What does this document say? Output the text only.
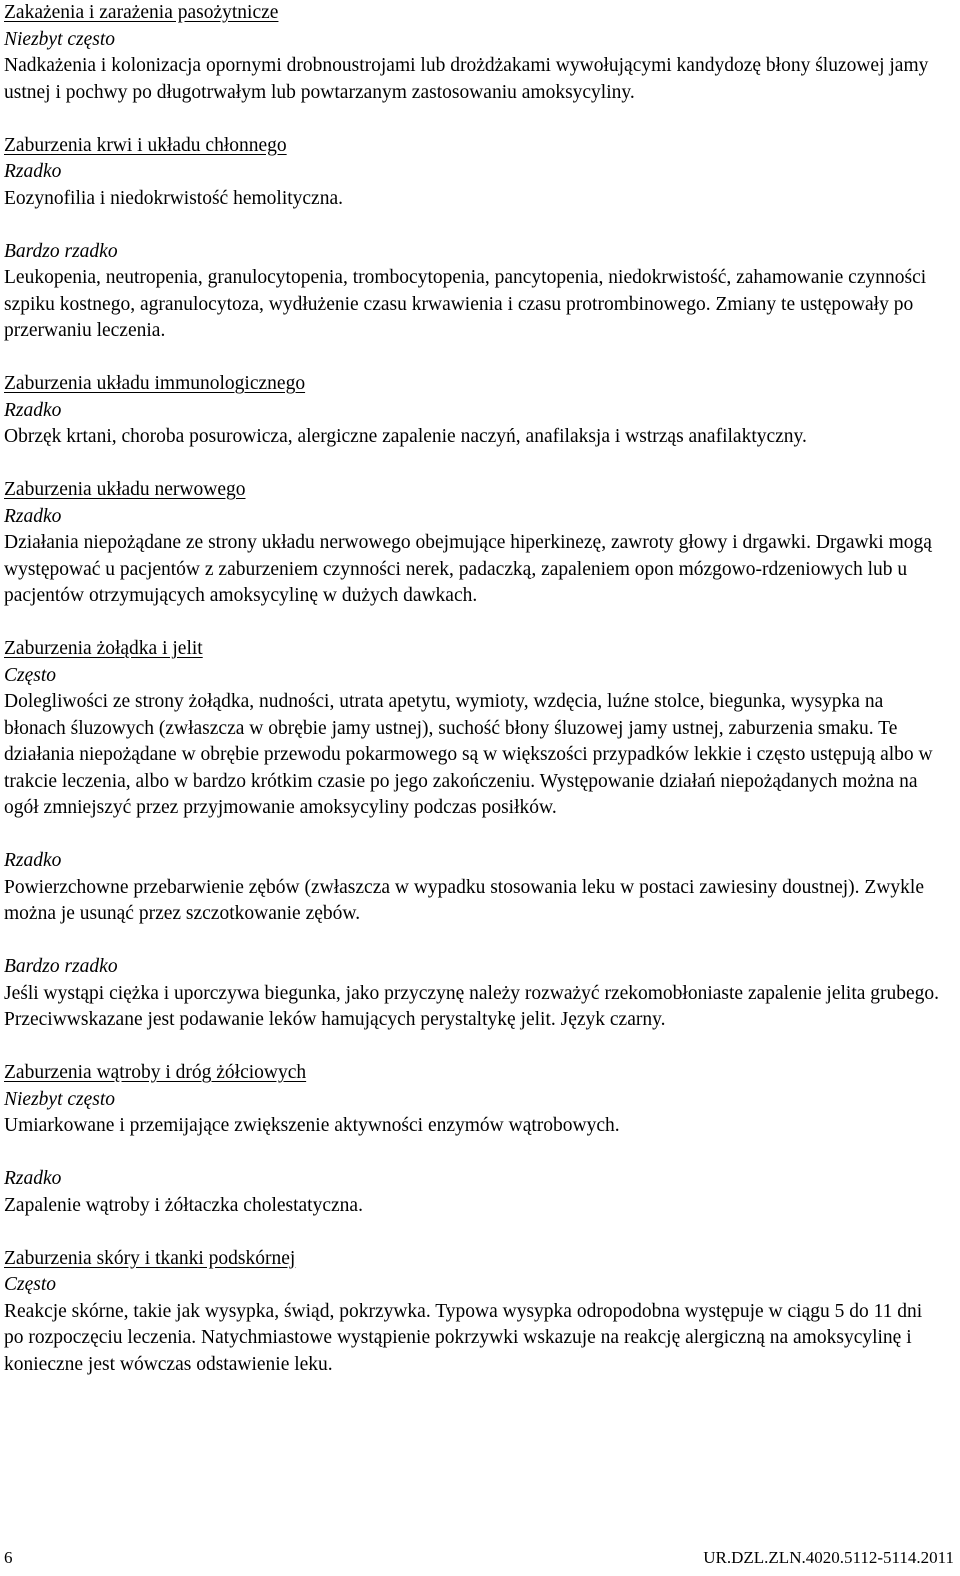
Zakażenia i zarażenia pasożytnicze
Niezbyt często
Nadkażenia i kolonizacja opornymi drobnoustrojami lub drożdżakami wywołującymi kandydozę błony śluzowej jamy ustnej i pochwy po długotrwałym lub powtarzanym zastosowaniu amoksycyliny.
Zaburzenia krwi i układu chłonnego
Rzadko
Eozynofilia i niedokrwistość hemolityczna.
Bardzo rzadko
Leukopenia, neutropenia, granulocytopenia, trombocytopenia, pancytopenia, niedokrwistość, zahamowanie czynności szpiku kostnego, agranulocytoza, wydłużenie czasu krwawienia i czasu protrombinowego. Zmiany te ustępowały po przerwaniu leczenia.
Zaburzenia układu immunologicznego
Rzadko
Obrzęk krtani, choroba posurowicza, alergiczne zapalenie naczyń, anafilaksja i wstrząs anafilaktyczny.
Zaburzenia układu nerwowego
Rzadko
Działania niepożądane ze strony układu nerwowego obejmujące hiperkinezę, zawroty głowy i drgawki. Drgawki mogą występować u pacjentów z zaburzeniem czynności nerek, padaczką, zapaleniem opon mózgowo-rdzeniowych lub u pacjentów otrzymujących amoksycylinę w dużych dawkach.
Zaburzenia żołądka i jelit
Często
Dolegliwości ze strony żołądka, nudności, utrata apetytu, wymioty, wzdęcia, luźne stolce, biegunka, wysypka na błonach śluzowych (zwłaszcza w obrębie jamy ustnej), suchość błony śluzowej jamy ustnej, zaburzenia smaku. Te działania niepożądane w obrębie przewodu pokarmowego są w większości przypadków lekkie i często ustępują albo w trakcie leczenia, albo w bardzo krótkim czasie po jego zakończeniu. Występowanie działań niepożądanych można na ogół zmniejszyć przez przyjmowanie amoksycyliny podczas posiłków.
Rzadko
Powierzchowne przebarwienie zębów (zwłaszcza w wypadku stosowania leku w postaci zawiesiny doustnej). Zwykle można je usunąć przez szczotkowanie zębów.
Bardzo rzadko
Jeśli wystąpi ciężka i uporczywa biegunka, jako przyczynę należy rozważyć rzekomobłoniaste zapalenie jelita grubego. Przeciwwskazane jest podawanie leków hamujących perystaltykę jelit. Język czarny.
Zaburzenia wątroby i dróg żółciowych
Niezbyt często
Umiarkowane i przemijające zwiększenie aktywności enzymów wątrobowych.
Rzadko
Zapalenie wątroby i żółtaczka cholestatyczna.
Zaburzenia skóry i tkanki podskórnej
Często
Reakcje skórne, takie jak wysypka, świąd, pokrzywka. Typowa wysypka odropodobna występuje w ciągu 5 do 11 dni po rozpoczęciu leczenia. Natychmiastowe wystąpienie pokrzywki wskazuje na reakcję alergiczną na amoksycylinę i konieczne jest wówczas odstawienie leku.
6	UR.DZL.ZLN.4020.5112-5114.2011
